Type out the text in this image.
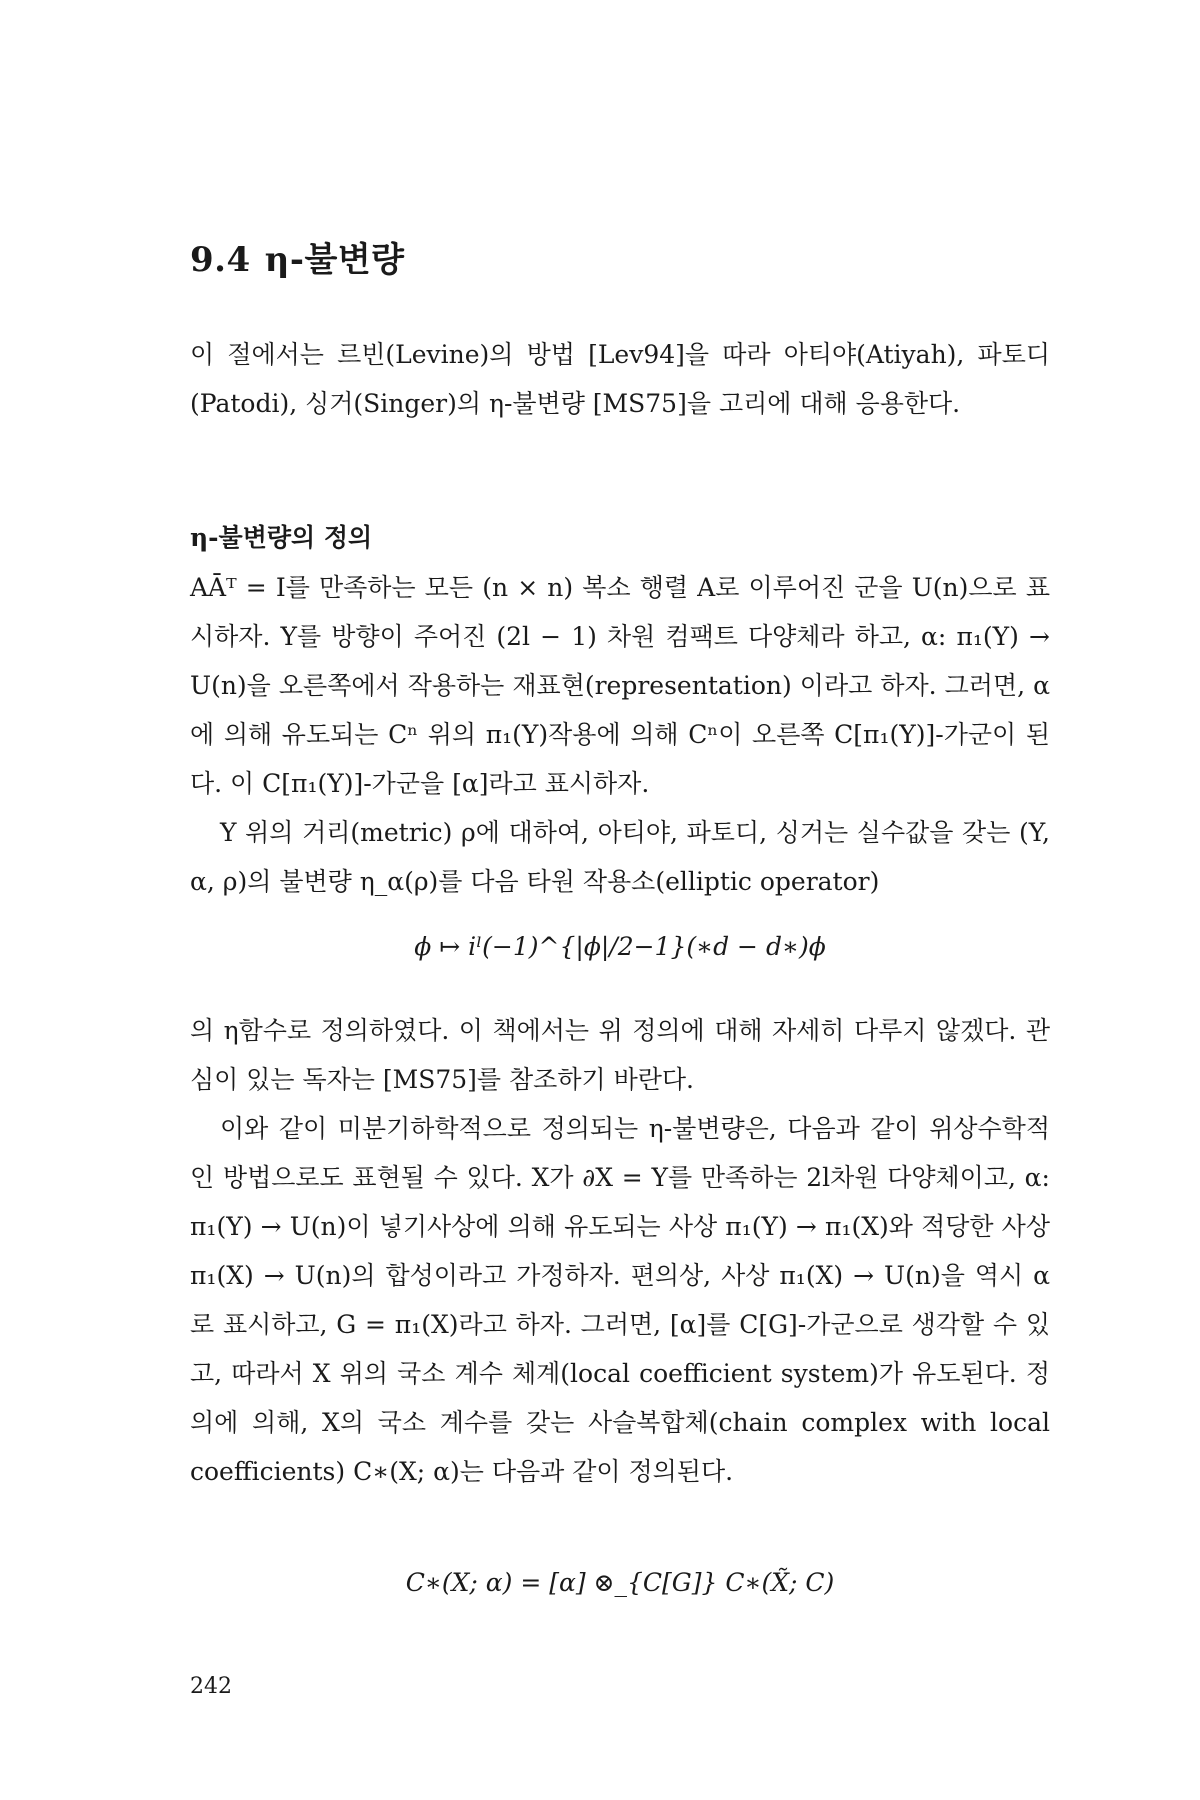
9.4 η-불변량

이 절에서는 르빈(Levine)의 방법 [Lev94]을 따라 아티야(Atiyah), 파토디(Patodi), 싱거(Singer)의 η-불변량 [MS75]을 고리에 대해 응용한다.

η-불변량의 정의

AĀᵀ = I를 만족하는 모든 (n × n) 복소 행렬 A로 이루어진 군을 U(n)으로 표시하자. Y를 방향이 주어진 (2l − 1) 차원 컴팩트 다양체라 하고, α: π₁(Y) → U(n)을 오른쪽에서 작용하는 재표현(representation) 이라고 하자. 그러면, α에 의해 유도되는 Cⁿ 위의 π₁(Y)작용에 의해 Cⁿ이 오른쪽 C[π₁(Y)]-가군이 된다. 이 C[π₁(Y)]-가군을 [α]라고 표시하자.

Y 위의 거리(metric) ρ에 대하여, 아티야, 파토디, 싱거는 실수값을 갖는 (Y, α, ρ)의 불변량 η_α(ρ)를 다음 타원 작용소(elliptic operator)

ϕ ↦ iˡ(−1)^{|ϕ|/2−1}(∗d − d∗)ϕ

의 η함수로 정의하였다. 이 책에서는 위 정의에 대해 자세히 다루지 않겠다. 관심이 있는 독자는 [MS75]를 참조하기 바란다.

이와 같이 미분기하학적으로 정의되는 η-불변량은, 다음과 같이 위상수학적인 방법으로도 표현될 수 있다. X가 ∂X = Y를 만족하는 2l차원 다양체이고, α: π₁(Y) → U(n)이 넣기사상에 의해 유도되는 사상 π₁(Y) → π₁(X)와 적당한 사상 π₁(X) → U(n)의 합성이라고 가정하자. 편의상, 사상 π₁(X) → U(n)을 역시 α로 표시하고, G = π₁(X)라고 하자. 그러면, [α]를 C[G]-가군으로 생각할 수 있고, 따라서 X 위의 국소 계수 체계(local coefficient system)가 유도된다. 정의에 의해, X의 국소 계수를 갖는 사슬복합체(chain complex with local coefficients) C∗(X; α)는 다음과 같이 정의된다.

C∗(X; α) = [α] ⊗_{C[G]} C∗(X̃; C)
242
